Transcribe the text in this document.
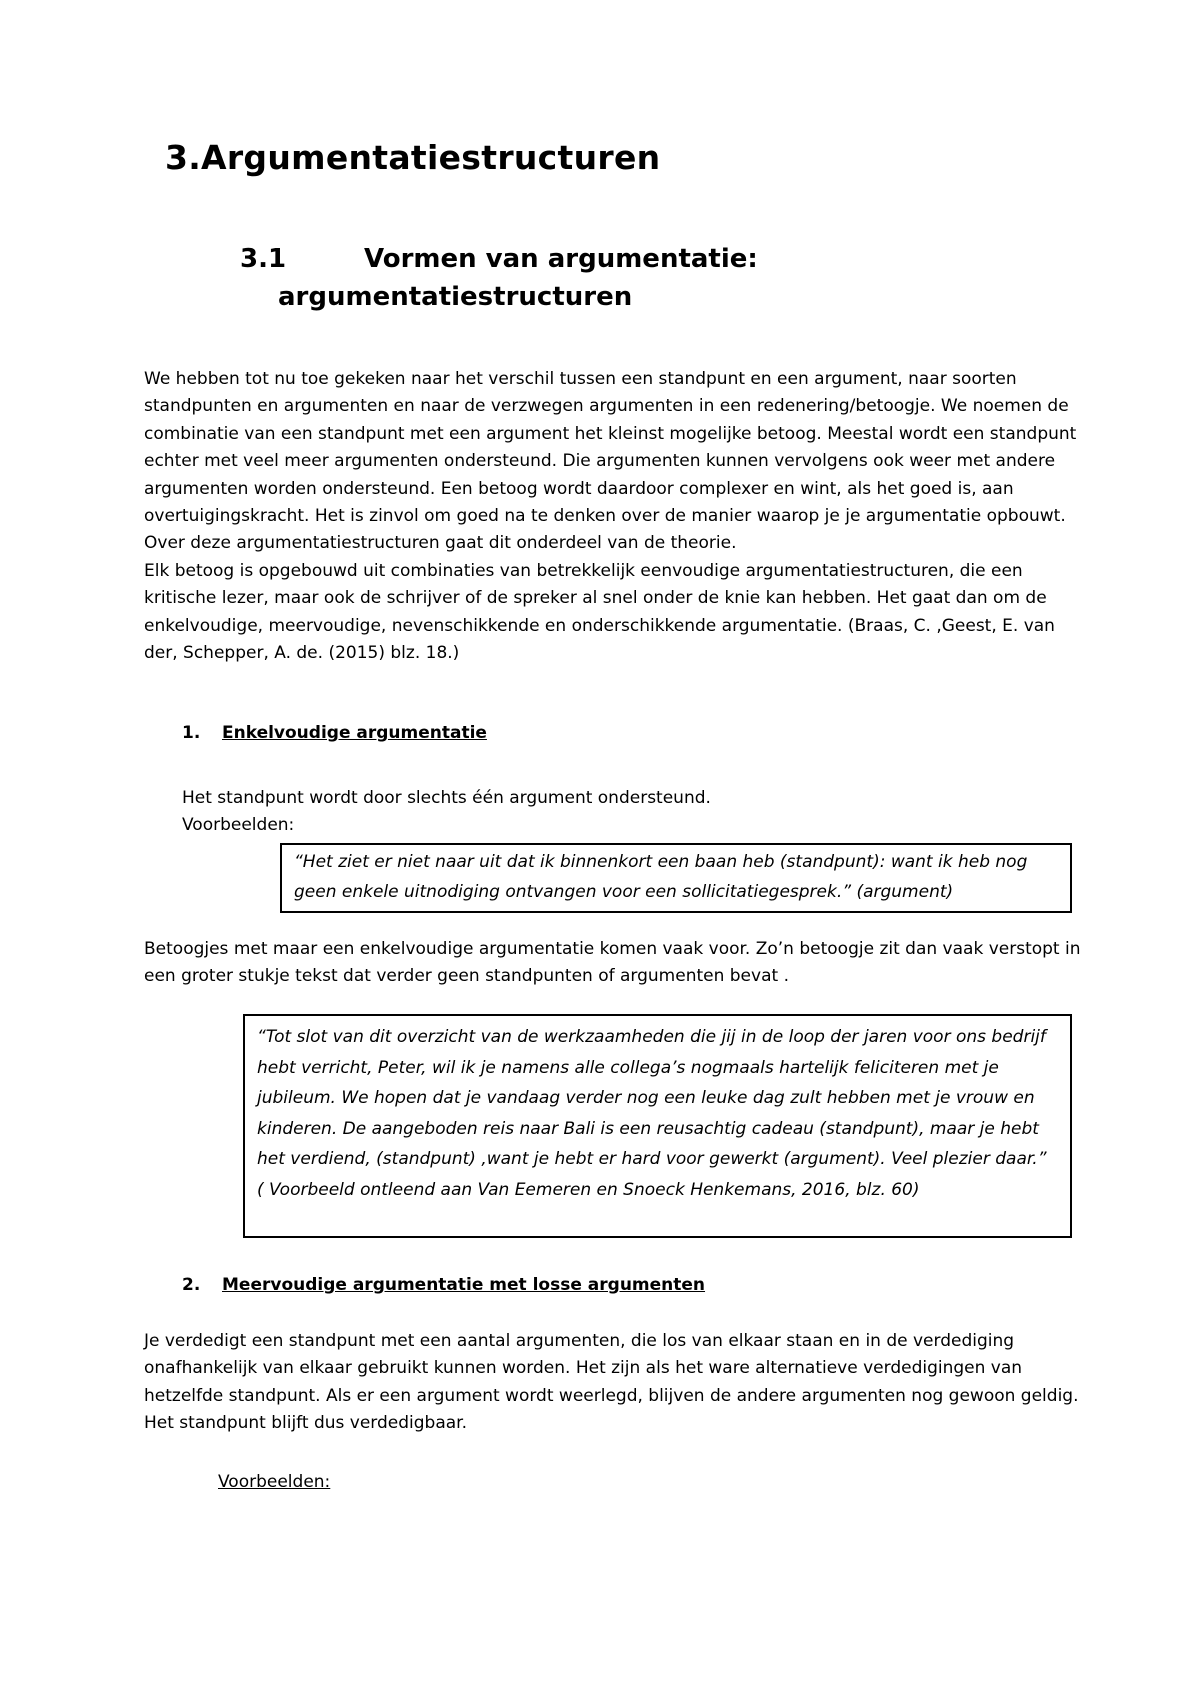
3.Argumentatiestructuren
3.1	Vormen van argumentatie:
argumentatiestructuren

We hebben tot nu toe gekeken naar het verschil tussen een standpunt en een argument, naar soorten standpunten en argumenten en naar de verzwegen argumenten in een redenering/betoogje. We noemen de combinatie van een standpunt met een argument het kleinst mogelijke betoog. Meestal wordt een standpunt echter met veel meer argumenten ondersteund. Die argumenten kunnen vervolgens ook weer met andere argumenten worden ondersteund. Een betoog wordt daardoor complexer en wint, als het goed is, aan overtuigingskracht. Het is zinvol om goed na te denken over de manier waarop je je argumentatie opbouwt. Over deze argumentatiestructuren gaat dit onderdeel van de theorie.

Elk betoog is opgebouwd uit combinaties van betrekkelijk eenvoudige argumentatiestructuren, die een kritische lezer, maar ook de schrijver of de spreker al snel onder de knie kan hebben. Het gaat dan om de enkelvoudige, meervoudige, nevenschikkende en onderschikkende argumentatie. (Braas, C. ,Geest, E. van der, Schepper, A. de. (2015) blz. 18.)

1. Enkelvoudige argumentatie

Het standpunt wordt door slechts één argument ondersteund.

Voorbeelden:

“Het ziet er niet naar uit dat ik binnenkort een baan heb (standpunt): want ik heb nog geen enkele uitnodiging ontvangen voor een sollicitatiegesprek.” (argument)

Betoogjes met maar een enkelvoudige argumentatie komen vaak voor. Zo’n betoogje zit dan vaak verstopt in een groter stukje tekst dat verder geen standpunten of argumenten bevat .

“Tot slot van dit overzicht van de werkzaamheden die jij in de loop der jaren voor ons bedrijf hebt verricht, Peter, wil ik je namens alle collega’s nogmaals hartelijk feliciteren met je jubileum. We hopen dat je vandaag verder nog een leuke dag zult hebben met je vrouw en kinderen. De aangeboden reis naar Bali is een reusachtig cadeau (standpunt), maar je hebt het verdiend, (standpunt) ,want je hebt er hard voor gewerkt (argument). Veel plezier daar.” ( Voorbeeld ontleend aan Van Eemeren en Snoeck Henkemans, 2016, blz. 60)
2. Meervoudige argumentatie met losse argumenten

Je verdedigt een standpunt met een aantal argumenten, die los van elkaar staan en in de verdediging onafhankelijk van elkaar gebruikt kunnen worden. Het zijn als het ware alternatieve verdedigingen van hetzelfde standpunt. Als er een argument wordt weerlegd, blijven de andere argumenten nog gewoon geldig. Het standpunt blijft dus verdedigbaar.

Voorbeelden:
